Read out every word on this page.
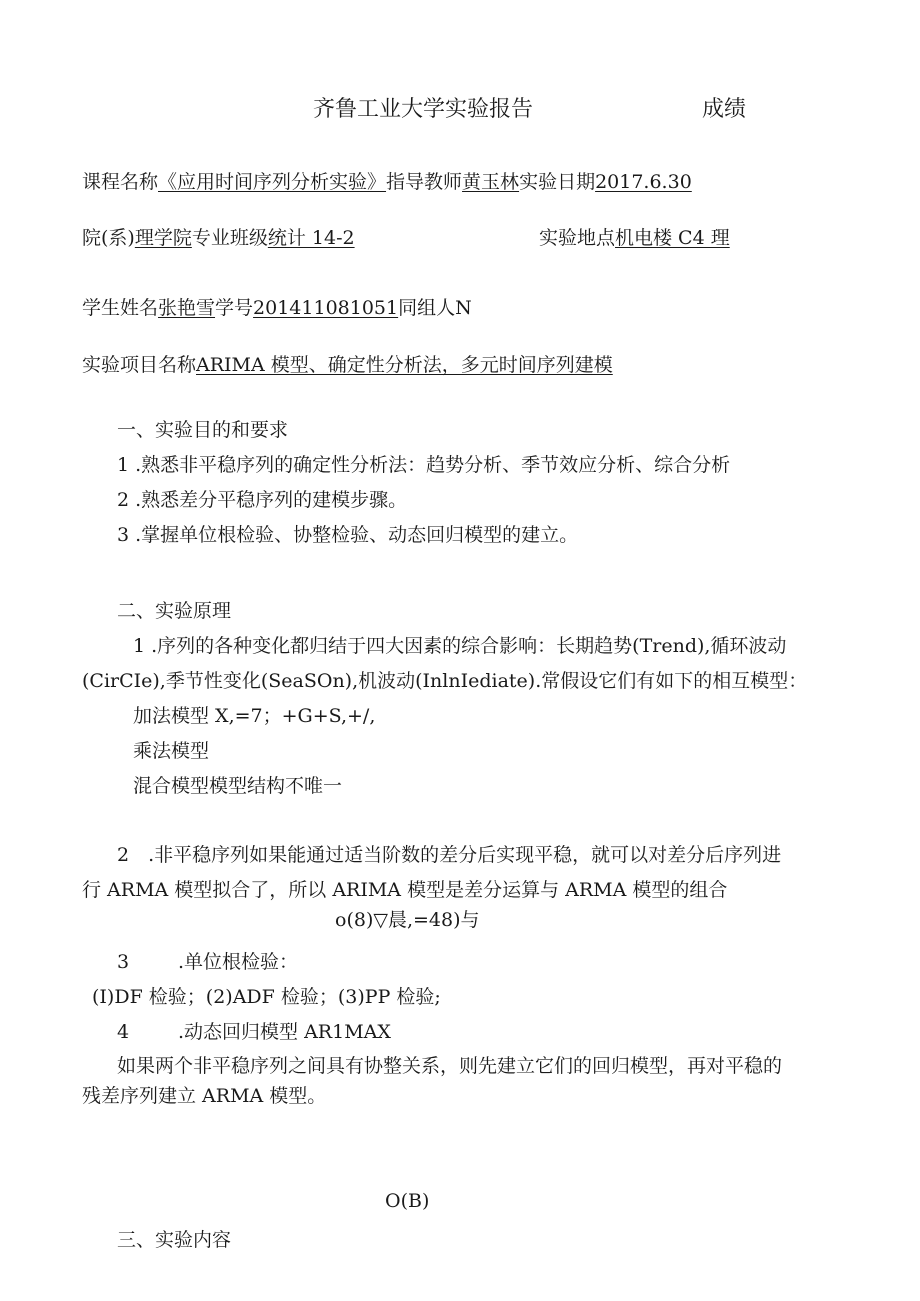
齐鲁工业大学实验报告	成绩
课程名称《应用时间序列分析实验》指导教师黄玉林实验日期2017.6.30
院(系)理学院专业班级统计 14-2	实验地点机电楼 C4 理
学生姓名张艳雪学号201411081051同组人N
实验项目名称ARIMA 模型、确定性分析法，多元时间序列建模
一、实验目的和要求
1 .熟悉非平稳序列的确定性分析法：趋势分析、季节效应分析、综合分析
2 .熟悉差分平稳序列的建模步骤。
3 .掌握单位根检验、协整检验、动态回归模型的建立。
二、实验原理
1 .序列的各种变化都归结于四大因素的综合影响：长期趋势(Trend),循环波动
(CirCIe),季节性变化(SeaSOn),机波动(InlnIediate).常假设它们有如下的相互模型：
加法模型 X,=7；+G+S,+/,
乘法模型
混合模型模型结构不唯一
2　.非平稳序列如果能通过适当阶数的差分后实现平稳，就可以对差分后序列进
行 ARMA 模型拟合了，所以 ARIMA 模型是差分运算与 ARMA 模型的组合
o(8)▽晨,=48)与
3	.单位根检验：
(I)DF 检验；(2)ADF 检验；(3)PP 检验;
4	.动态回归模型 AR1MAX
如果两个非平稳序列之间具有协整关系，则先建立它们的回归模型，再对平稳的
残差序列建立 ARMA 模型。
O(B)
三、实验内容
